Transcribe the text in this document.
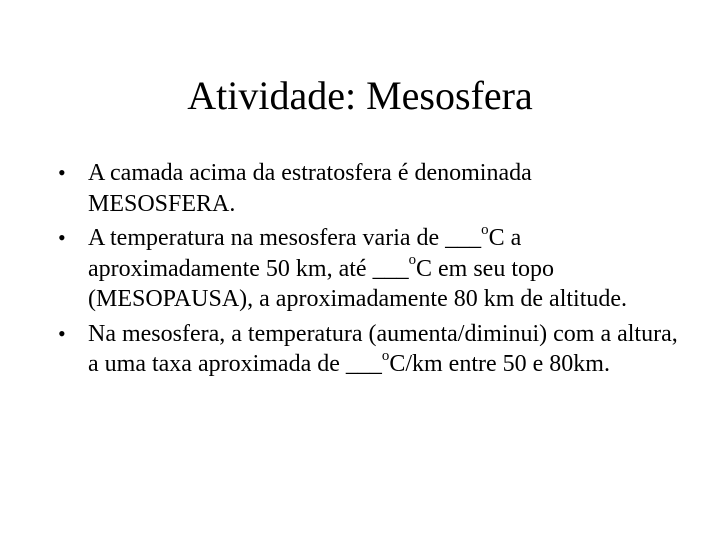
Atividade: Mesosfera
• A camada acima da estratosfera é denominada MESOSFERA.
• A temperatura na mesosfera varia de ___$^o$C a aproximadamente 50 km, até ___$^o$C em seu topo (MESOPAUSA), a aproximadamente 80 km de altitude.
• Na mesosfera, a temperatura (aumenta/diminui) com a altura, a uma taxa aproximada de ___$^o$C/km entre 50 e 80km.
